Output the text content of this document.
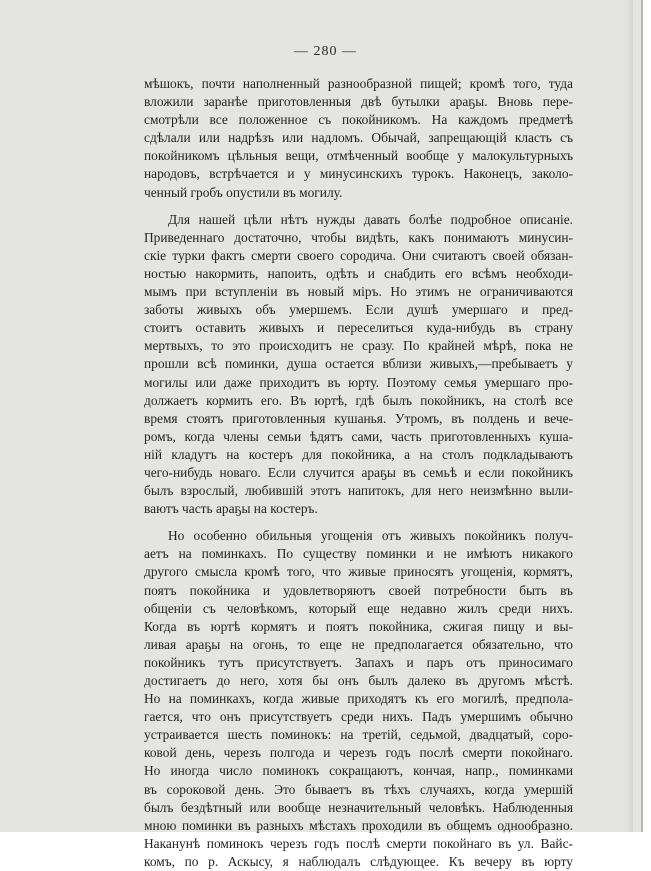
— 280 —
мѣшокъ, почти наполненный разнообразной пищей; кромѣ того, туда
вложили заранѣе приготовленныя двѣ бутылки араҕы. Вновь пере-
смотрѣли все положенное съ покойникомъ. На каждомъ предметѣ
сдѣлали или надрѣзъ или надломъ. Обычай, запрещающій класть съ
покойникомъ цѣльныя вещи, отмѣченный вообще у малокультурныхъ
народовъ, встрѣчается и у минусинскихъ турокъ. Наконецъ, заколо-
ченный гробъ опустили въ могилу.
Для нашей цѣли нѣтъ нужды давать болѣе подробное описаніе.
Приведеннаго достаточно, чтобы видѣть, какъ понимаютъ минусин-
скіе турки фактъ смерти своего сородича. Они считаютъ своей обязан-
ностью накормить, напоить, одѣть и снабдить его всѣмъ необходи-
мымъ при вступленіи въ новый міръ. Но этимъ не ограничиваются
заботы живыхъ объ умершемъ. Если душѣ умершаго и пред-
стоитъ оставить живыхъ и переселиться куда-нибудь въ страну
мертвыхъ, то это происходитъ не сразу. По крайней мѣрѣ, пока не
прошли всѣ поминки, душа остается вблизи живыхъ,—пребываетъ у
могилы или даже приходитъ въ юрту. Поэтому семья умершаго про-
должаетъ кормить его. Въ юртѣ, гдѣ былъ покойникъ, на столѣ все
время стоятъ приготовленныя кушанья. Утромъ, въ полдень и вече-
ромъ, когда члены семьи ѣдятъ сами, часть приготовленныхъ куша-
ній кладутъ на костеръ для покойника, а на столъ подкладываютъ
чего-нибудь новаго. Если случится араҕы въ семьѣ и если покойникъ
былъ взрослый, любившій этотъ напитокъ, для него неизмѣнно выли-
ваютъ часть араҕы на костеръ.
Но особенно обильныя угощенія отъ живыхъ покойникъ получ-
аетъ на поминкахъ. По существу поминки и не имѣютъ никакого
другого смысла кромѣ того, что живые приносятъ угощенія, кормятъ,
поятъ покойника и удовлетворяютъ своей потребности быть въ
общеніи съ человѣкомъ, который еще недавно жилъ среди нихъ.
Когда въ юртѣ кормятъ и поятъ покойника, сжигая пищу и вы-
ливая араҕы на огонь, то еще не предполагается обязательно, что
покойникъ тутъ присутствуетъ. Запахъ и паръ отъ приносимаго
достигаетъ до него, хотя бы онъ былъ далеко въ другомъ мѣстѣ.
Но на поминкахъ, когда живые приходятъ къ его могилѣ, предпола-
гается, что онъ присутствуетъ среди нихъ. Падъ умершимъ обычно
устраивается шесть поминокъ: на третій, седьмой, двадцатый, соро-
ковой день, черезъ полгода и черезъ годъ послѣ смерти покойнаго.
Но иногда число поминокъ сокращаютъ, кончая, напр., поминками
въ сороковой день. Это бываетъ въ тѣхъ случаяхъ, когда умершій
былъ бездѣтный или вообще незначительный человѣкъ. Наблюденныя
мною поминки въ разныхъ мѣстахъ проходили въ общемъ однообразно.
Наканунѣ поминокъ черезъ годъ послѣ смерти покойнаго въ ул. Вайс-
комъ, по р. Аскысу, я наблюдалъ слѣдующее. Къ вечеру въ юрту
